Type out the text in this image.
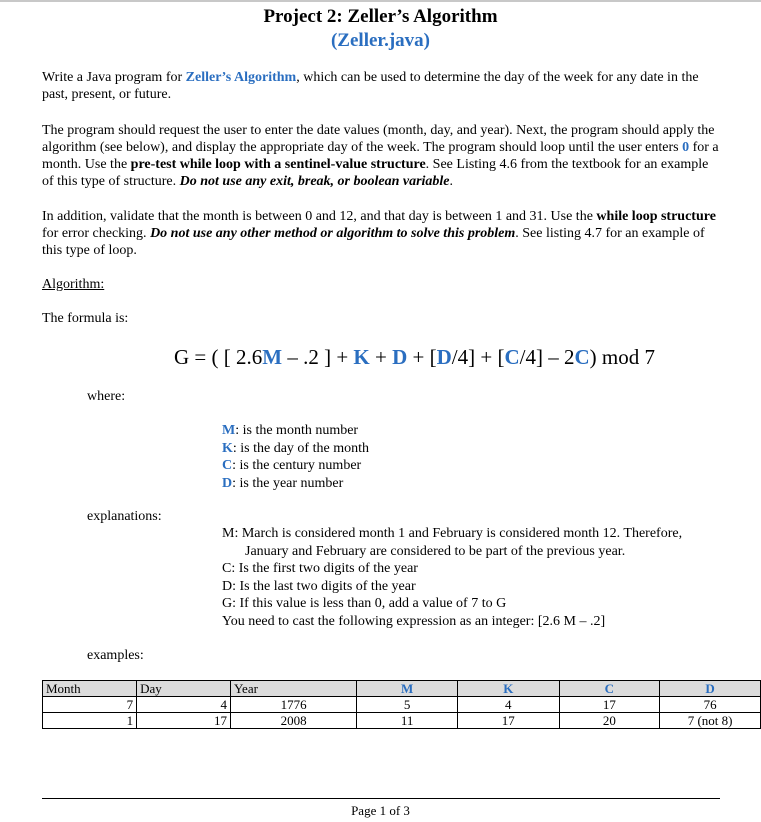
Project 2: Zeller’s Algorithm
(Zeller.java)
Write a Java program for Zeller’s Algorithm, which can be used to determine the day of the week for any date in the past, present, or future.
The program should request the user to enter the date values (month, day, and year). Next, the program should apply the algorithm (see below), and display the appropriate day of the week. The program should loop until the user enters 0 for a month. Use the pre-test while loop with a sentinel-value structure. See Listing 4.6 from the textbook for an example of this type of structure. Do not use any exit, break, or boolean variable.
In addition, validate that the month is between 0 and 12, and that day is between 1 and 31. Use the while loop structure for error checking. Do not use any other method or algorithm to solve this problem. See listing 4.7 for an example of this type of loop.
Algorithm:
The formula is:
G = ( [ 2.6M – .2 ] + K + D + [D/4] + [C/4] – 2C) mod 7
where:
M: is the month number
K: is the day of the month
C: is the century number
D: is the year number
explanations:
M: March is considered month 1 and February is considered month 12. Therefore,
January and February are considered to be part of the previous year.
C: Is the first two digits of the year
D: Is the last two digits of the year
G: If this value is less than 0, add a value of 7 to G
You need to cast the following expression as an integer: [2.6 M – .2]
examples:
Month	Day	Year	M	K	C	D
7	4	1776	5	4	17	76
1	17	2008	11	17	20	7 (not 8)
Page 1 of 3
